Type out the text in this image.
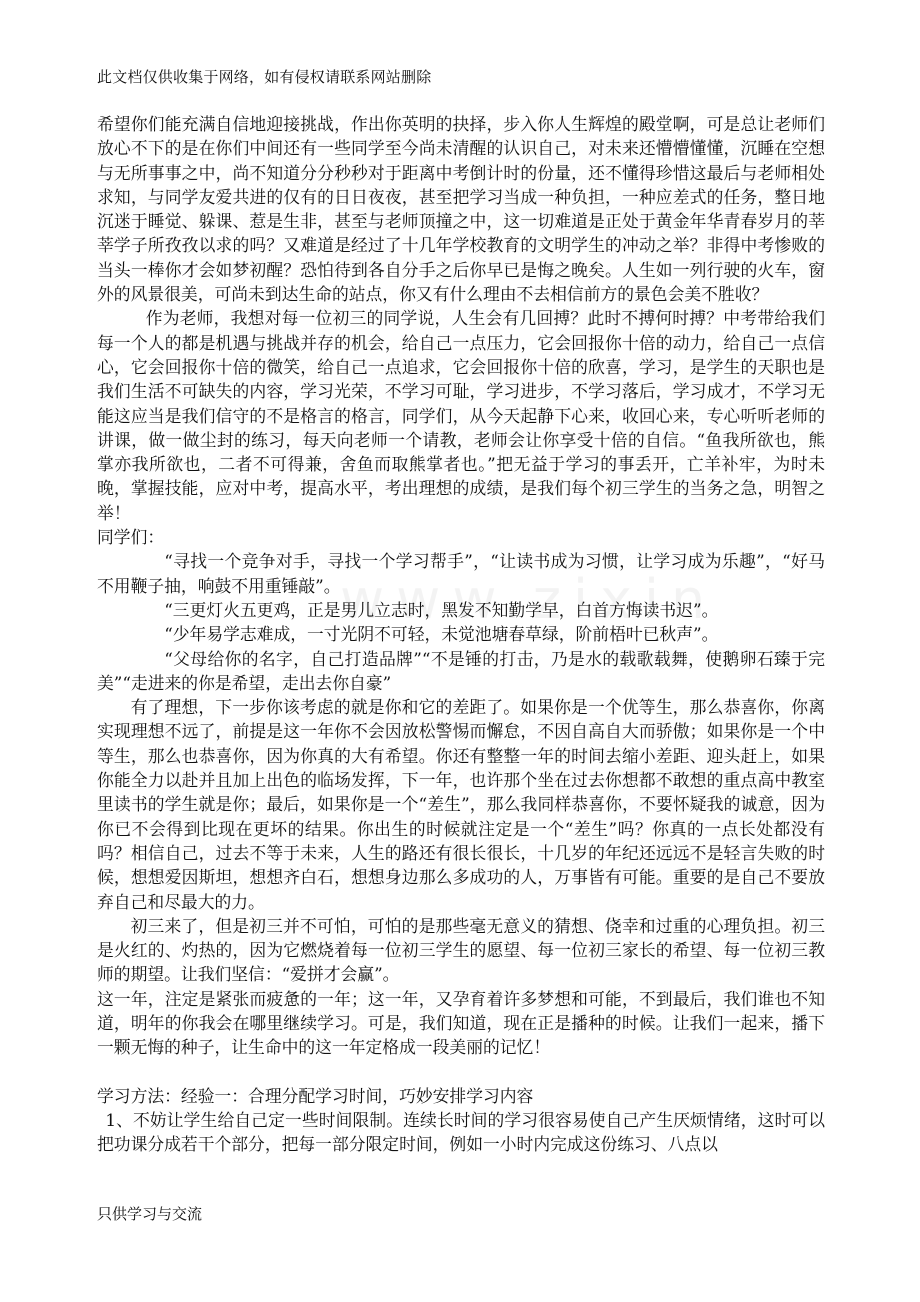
此文档仅供收集于网络，如有侵权请联系网站删除

希望你们能充满自信地迎接挑战，作出你英明的抉择，步入你人生辉煌的殿堂啊，可是总让老师们放心不下的是在你们中间还有一些同学至今尚未清醒的认识自己，对未来还懵懵懂懂，沉睡在空想与无所事事之中，尚不知道分分秒秒对于距离中考倒计时的份量，还不懂得珍惜这最后与老师相处求知，与同学友爱共进的仅有的日日夜夜，甚至把学习当成一种负担，一种应差式的任务，整日地沉迷于睡觉、躲课、惹是生非，甚至与老师顶撞之中，这一切难道是正处于黄金年华青春岁月的莘莘学子所孜孜以求的吗？又难道是经过了十几年学校教育的文明学生的冲动之举？非得中考惨败的当头一棒你才会如梦初醒？恐怕待到各自分手之后你早已是悔之晚矣。人生如一列行驶的火车，窗外的风景很美，可尚未到达生命的站点，你又有什么理由不去相信前方的景色会美不胜收？

作为老师，我想对每一位初三的同学说，人生会有几回搏？此时不搏何时搏？中考带给我们每一个人的都是机遇与挑战并存的机会，给自己一点压力，它会回报你十倍的动力，给自己一点信心，它会回报你十倍的微笑，给自己一点追求，它会回报你十倍的欣喜，学习，是学生的天职也是我们生活不可缺失的内容，学习光荣，不学习可耻，学习进步，不学习落后，学习成才，不学习无能这应当是我们信守的不是格言的格言，同学们，从今天起静下心来，收回心来，专心听听老师的讲课，做一做尘封的练习，每天向老师一个请教，老师会让你享受十倍的自信。“鱼我所欲也，熊掌亦我所欲也，二者不可得兼，舍鱼而取熊掌者也。”把无益于学习的事丢开，亡羊补牢，为时未晚，掌握技能，应对中考，提高水平，考出理想的成绩，是我们每个初三学生的当务之急，明智之举！

同学们：

“寻找一个竞争对手，寻找一个学习帮手”，“让读书成为习惯，让学习成为乐趣”，“好马不用鞭子抽，响鼓不用重锤敲”。

“三更灯火五更鸡，正是男儿立志时，黑发不知勤学早，白首方悔读书迟”。

“少年易学志难成，一寸光阴不可轻，未觉池塘春草绿，阶前梧叶已秋声”。

“父母给你的名字，自己打造品牌”“不是锤的打击，乃是水的载歌载舞，使鹅卵石臻于完美”“走进来的你是希望，走出去你自豪”

有了理想，下一步你该考虑的就是你和它的差距了。如果你是一个优等生，那么恭喜你，你离实现理想不远了，前提是这一年你不会因放松警惕而懈怠，不因自高自大而骄傲；如果你是一个中等生，那么也恭喜你，因为你真的大有希望。你还有整整一年的时间去缩小差距、迎头赶上，如果你能全力以赴并且加上出色的临场发挥，下一年，也许那个坐在过去你想都不敢想的重点高中教室里读书的学生就是你；最后，如果你是一个“差生”，那么我同样恭喜你，不要怀疑我的诚意，因为你已不会得到比现在更坏的结果。你出生的时候就注定是一个“差生”吗？你真的一点长处都没有吗？相信自己，过去不等于未来，人生的路还有很长很长，十几岁的年纪还远远不是轻言失败的时候，想想爱因斯坦，想想齐白石，想想身边那么多成功的人，万事皆有可能。重要的是自己不要放弃自己和尽最大的力。

初三来了，但是初三并不可怕，可怕的是那些毫无意义的猜想、侥幸和过重的心理负担。初三是火红的、灼热的，因为它燃烧着每一位初三学生的愿望、每一位初三家长的希望、每一位初三教师的期望。让我们坚信：“爱拼才会赢”。

这一年，注定是紧张而疲惫的一年；这一年，又孕育着许多梦想和可能，不到最后，我们谁也不知道，明年的你我会在哪里继续学习。可是，我们知道，现在正是播种的时候。让我们一起来，播下一颗无悔的种子，让生命中的这一年定格成一段美丽的记忆！

学习方法：经验一：合理分配学习时间，巧妙安排学习内容

1、不妨让学生给自己定一些时间限制。连续长时间的学习很容易使自己产生厌烦情绪，这时可以把功课分成若干个部分，把每一部分限定时间，例如一小时内完成这份练习、八点以

只供学习与交流
